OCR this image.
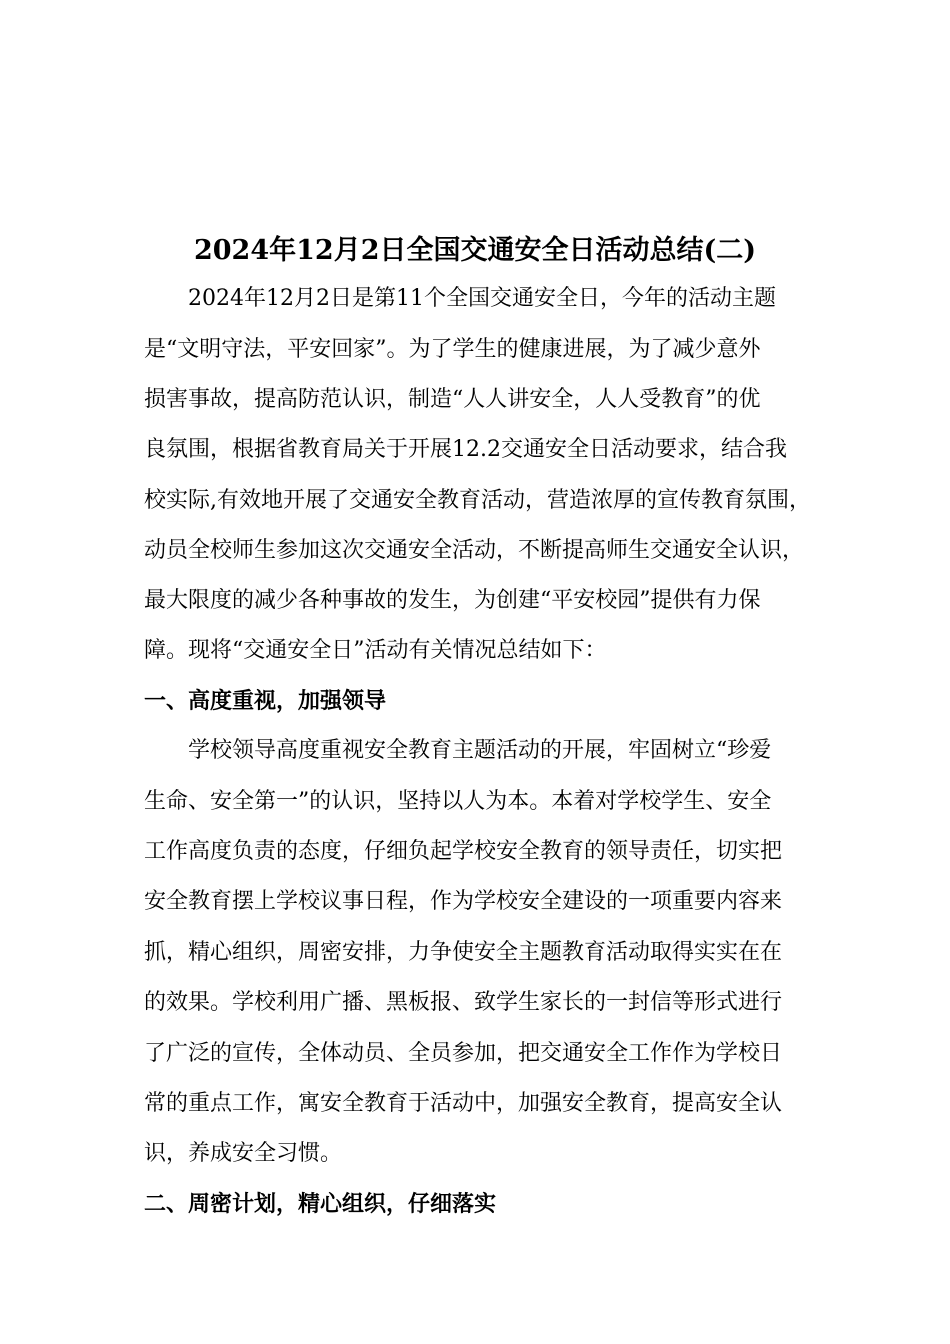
2024年12月2日全国交通安全日活动总结(二)
2024年12月2日是第11个全国交通安全日，今年的活动主题
是“文明守法，平安回家”。为了学生的健康进展，为了减少意外
损害事故，提高防范认识，制造“人人讲安全，人人受教育”的优
良氛围，根据省教育局关于开展12.2交通安全日活动要求，结合我
校实际,有效地开展了交通安全教育活动，营造浓厚的宣传教育氛围，
动员全校师生参加这次交通安全活动，不断提高师生交通安全认识，
最大限度的减少各种事故的发生，为创建“平安校园”提供有力保
障。现将“交通安全日”活动有关情况总结如下：
一、高度重视，加强领导
学校领导高度重视安全教育主题活动的开展，牢固树立“珍爱
生命、安全第一”的认识，坚持以人为本。本着对学校学生、安全
工作高度负责的态度，仔细负起学校安全教育的领导责任，切实把
安全教育摆上学校议事日程，作为学校安全建设的一项重要内容来
抓，精心组织，周密安排，力争使安全主题教育活动取得实实在在
的效果。学校利用广播、黑板报、致学生家长的一封信等形式进行
了广泛的宣传，全体动员、全员参加，把交通安全工作作为学校日
常的重点工作，寓安全教育于活动中，加强安全教育，提高安全认
识，养成安全习惯。
二、周密计划，精心组织，仔细落实
